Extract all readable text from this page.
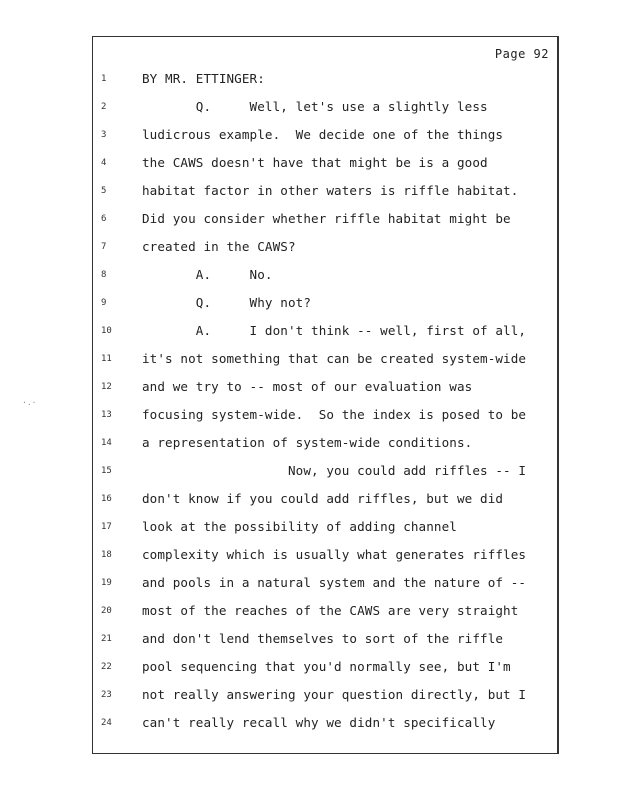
Page 92
1	BY MR. ETTINGER:
2	Q.     Well, let's use a slightly less
3	ludicrous example.  We decide one of the things
4	the CAWS doesn't have that might be is a good
5	habitat factor in other waters is riffle habitat.
6	Did you consider whether riffle habitat might be
7	created in the CAWS?
8	A.     No.
9	Q.     Why not?
10	A.     I don't think -- well, first of all,
11	it's not something that can be created system-wide
12	and we try to -- most of our evaluation was
13	focusing system-wide.  So the index is posed to be
14	a representation of system-wide conditions.
15	Now, you could add riffles -- I
16	don't know if you could add riffles, but we did
17	look at the possibility of adding channel
18	complexity which is usually what generates riffles
19	and pools in a natural system and the nature of --
20	most of the reaches of the CAWS are very straight
21	and don't lend themselves to sort of the riffle
22	pool sequencing that you'd normally see, but I'm
23	not really answering your question directly, but I
24	can't really recall why we didn't specifically
·.·
